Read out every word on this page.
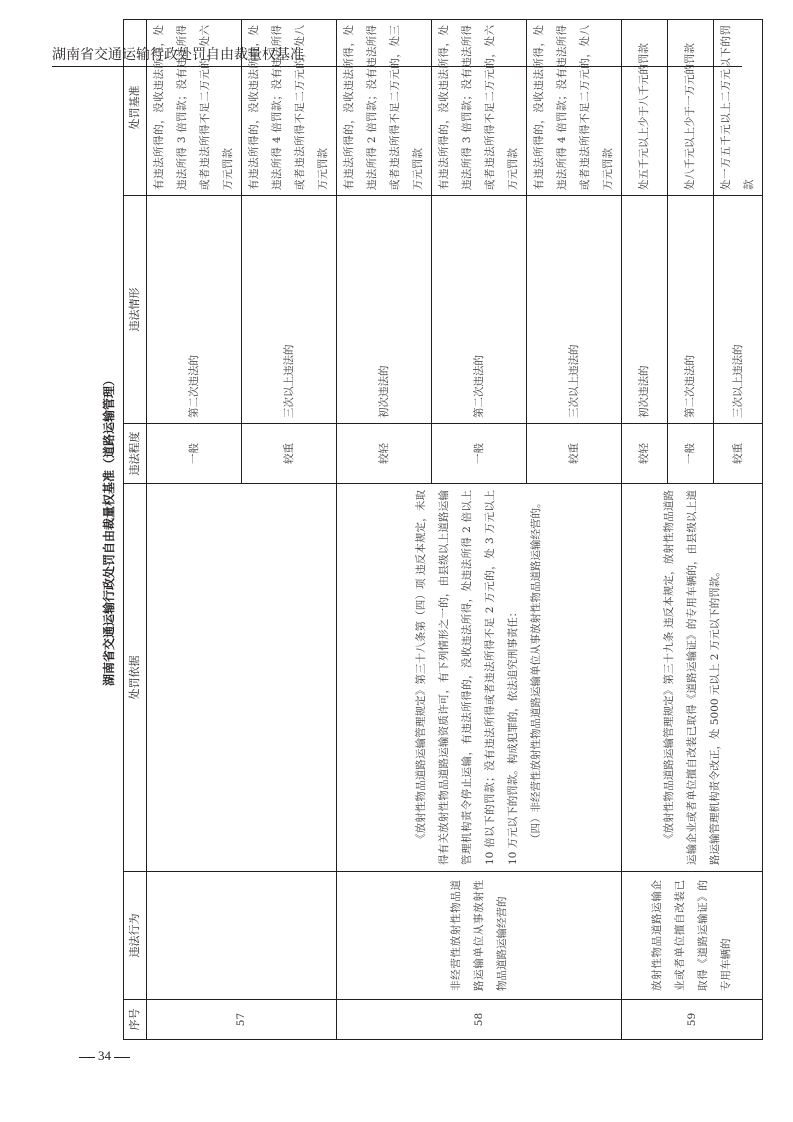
湖南省交通运输行政处罚自由裁量权基准
湖南省交通运输行政处罚自由裁量权基准（道路运输管理）
序号	违法行为	处罚依据	违法程度	违法情形	处罚基准
57			一般	第二次违法的	有违法所得的，没收违法所得，处违法所得 3 倍罚款；没有违法所得或者违法所得不足二万元的，处六万元罚款
			较重	三次以上违法的	有违法所得的，没收违法所得，处违法所得 4 倍罚款；没有违法所得或者违法所得不足二万元的，处八万元罚款
58	非经营性放射性物品道路运输单位从事放射性物品道路运输经营的	《放射性物品道路运输管理规定》第三十八条第（四）项 违反本规定，未取得有关放射性物品道路运输资质许可，有下列情形之一的，由县级以上道路运输管理机构责令停止运输，有违法所得的，没收违法所得，处违法所得 2 倍以上 10 倍以下的罚款；没有违法所得或者违法所得不足 2 万元的，处 3 万元以上 10 万元以下的罚款。构成犯罪的，依法追究刑事责任： （四）非经营性放射性物品道路运输单位从事放射性物品道路运输经营的。	较轻	初次违法的	有违法所得的，没收违法所得，处违法所得 2 倍罚款；没有违法所得或者违法所得不足二万元的，处三万元罚款
			一般	第二次违法的	有违法所得的，没收违法所得，处违法所得 3 倍罚款；没有违法所得或者违法所得不足二万元的，处六万元罚款
			较重	三次以上违法的	有违法所得的，没收违法所得，处违法所得 4 倍罚款；没有违法所得或者违法所得不足二万元的，处八万元罚款
59	放射性物品道路运输企业或者单位擅自改装已取得《道路运输证》的专用车辆的	《放射性物品道路运输管理规定》第三十九条 违反本规定，放射性物品道路运输企业或者单位擅自改装已取得《道路运输证》的专用车辆的，由县级以上道路运输管理机构责令改正，处 5000 元以上 2 万元以下的罚款。	较轻	初次违法的	处五千元以上少于八千元的罚款
			一般	第二次违法的	处八千元以上少于一万元的罚款
			较重	三次以上违法的	处一万五千元以上二万元以下的罚款
34
